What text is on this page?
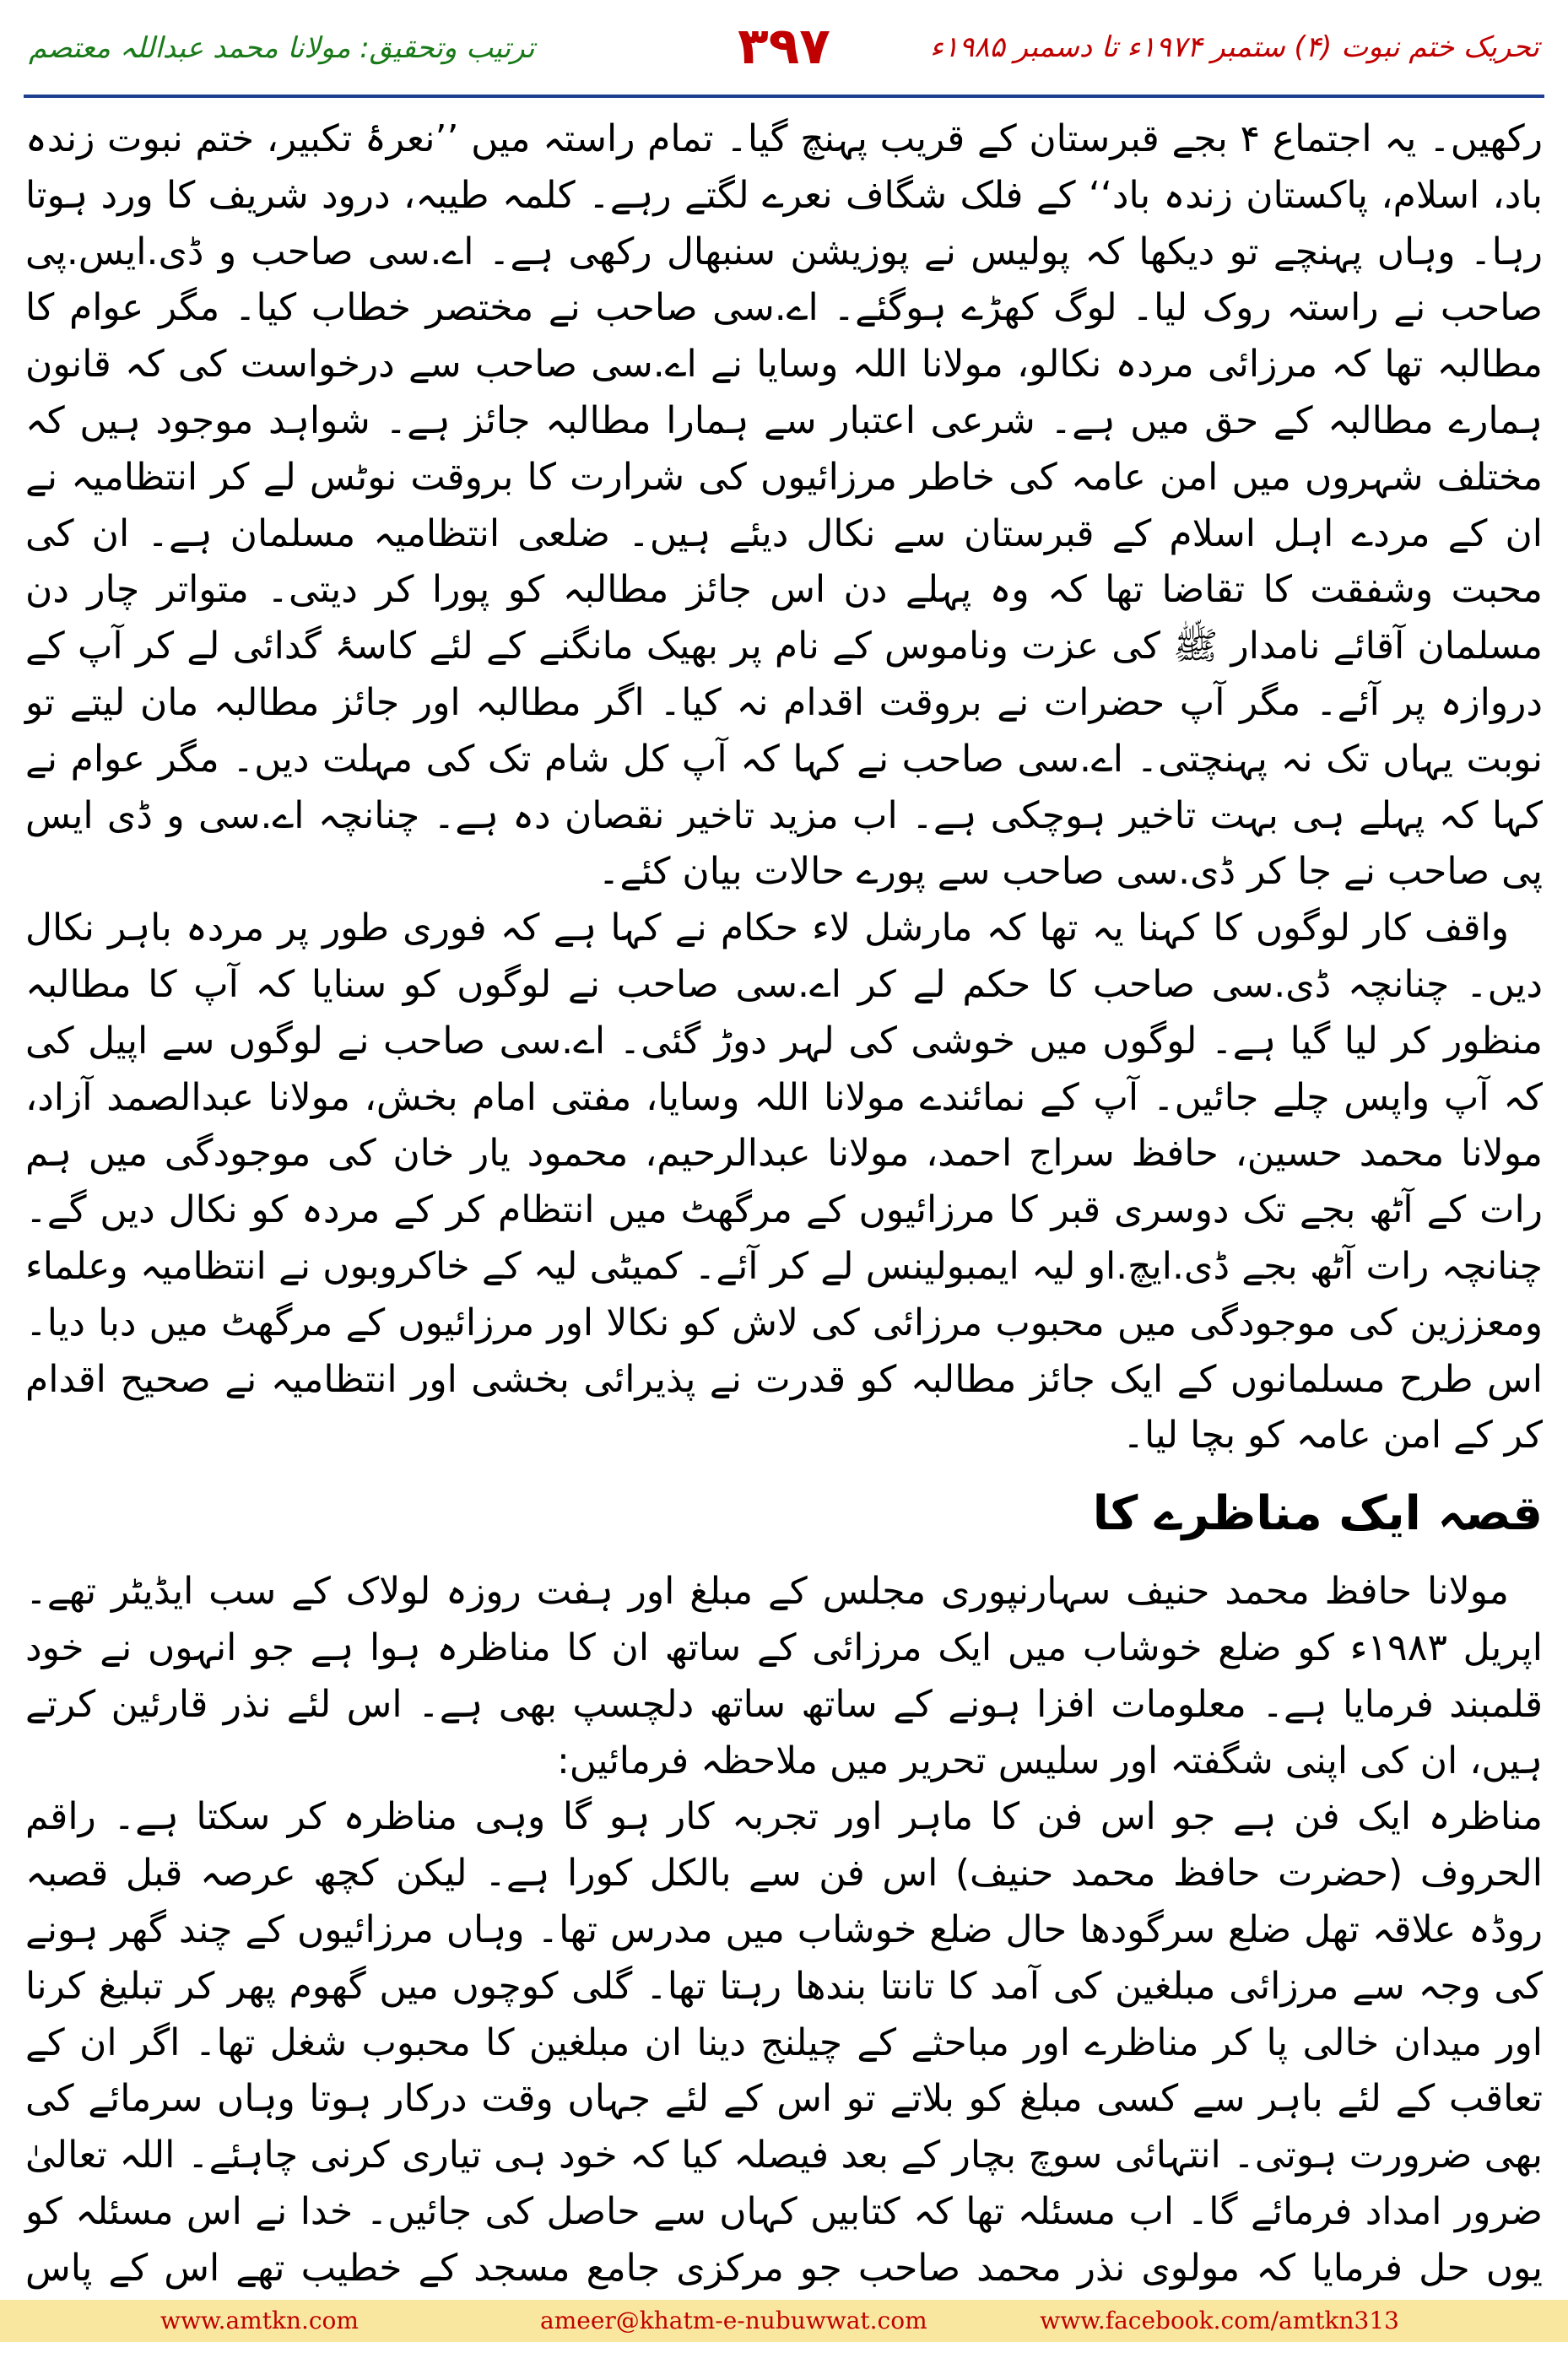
تحریک ختم نبوت (۴) ستمبر ۱۹۷۴ء تا دسمبر ۱۹۸۵ء
۳۹۷
ترتیب وتحقیق: مولانا محمد عبداللہ معتصم

رکھیں۔ یہ اجتماع ۴ بجے قبرستان کے قریب پہنچ گیا۔ تمام راستہ میں ’’نعرۂ تکبیر، ختم نبوت زندہ باد، اسلام، پاکستان زندہ باد‘‘ کے فلک شگاف نعرے لگتے رہے۔ کلمہ طیبہ، درود شریف کا ورد ہوتا رہا۔ وہاں پہنچے تو دیکھا کہ پولیس نے پوزیشن سنبھال رکھی ہے۔ اے.سی صاحب و ڈی.ایس.پی صاحب نے راستہ روک لیا۔ لوگ کھڑے ہوگئے۔ اے.سی صاحب نے مختصر خطاب کیا۔ مگر عوام کا مطالبہ تھا کہ مرزائی مردہ نکالو، مولانا اللہ وسایا نے اے.سی صاحب سے درخواست کی کہ قانون ہمارے مطالبہ کے حق میں ہے۔ شرعی اعتبار سے ہمارا مطالبہ جائز ہے۔ شواہد موجود ہیں کہ مختلف شہروں میں امن عامہ کی خاطر مرزائیوں کی شرارت کا بروقت نوٹس لے کر انتظامیہ نے ان کے مردے اہل اسلام کے قبرستان سے نکال دیئے ہیں۔ ضلعی انتظامیہ مسلمان ہے۔ ان کی محبت وشفقت کا تقاضا تھا کہ وہ پہلے دن اس جائز مطالبہ کو پورا کر دیتی۔ متواتر چار دن مسلمان آقائے نامدار ﷺ کی عزت وناموس کے نام پر بھیک مانگنے کے لئے کاسۂ گدائی لے کر آپ کے دروازہ پر آئے۔ مگر آپ حضرات نے بروقت اقدام نہ کیا۔ اگر مطالبہ اور جائز مطالبہ مان لیتے تو نوبت یہاں تک نہ پہنچتی۔ اے.سی صاحب نے کہا کہ آپ کل شام تک کی مہلت دیں۔ مگر عوام نے کہا کہ پہلے ہی بہت تاخیر ہوچکی ہے۔ اب مزید تاخیر نقصان دہ ہے۔ چنانچہ اے.سی و ڈی ایس پی صاحب نے جا کر ڈی.سی صاحب سے پورے حالات بیان کئے۔

واقف کار لوگوں کا کہنا یہ تھا کہ مارشل لاء حکام نے کہا ہے کہ فوری طور پر مردہ باہر نکال دیں۔ چنانچہ ڈی.سی صاحب کا حکم لے کر اے.سی صاحب نے لوگوں کو سنایا کہ آپ کا مطالبہ منظور کر لیا گیا ہے۔ لوگوں میں خوشی کی لہر دوڑ گئی۔ اے.سی صاحب نے لوگوں سے اپیل کی کہ آپ واپس چلے جائیں۔ آپ کے نمائندے مولانا اللہ وسایا، مفتی امام بخش، مولانا عبدالصمد آزاد، مولانا محمد حسین، حافظ سراج احمد، مولانا عبدالرحیم، محمود یار خان کی موجودگی میں ہم رات کے آٹھ بجے تک دوسری قبر کا مرزائیوں کے مرگھٹ میں انتظام کر کے مردہ کو نکال دیں گے۔ چنانچہ رات آٹھ بجے ڈی.ایچ.او لیہ ایمبولینس لے کر آئے۔ کمیٹی لیہ کے خاکروبوں نے انتظامیہ وعلماء ومعززین کی موجودگی میں محبوب مرزائی کی لاش کو نکالا اور مرزائیوں کے مرگھٹ میں دبا دیا۔ اس طرح مسلمانوں کے ایک جائز مطالبہ کو قدرت نے پذیرائی بخشی اور انتظامیہ نے صحیح اقدام کر کے امن عامہ کو بچا لیا۔

قصہ ایک مناظرے کا

مولانا حافظ محمد حنیف سہارنپوری مجلس کے مبلغ اور ہفت روزہ لولاک کے سب ایڈیٹر تھے۔ اپریل ۱۹۸۳ء کو ضلع خوشاب میں ایک مرزائی کے ساتھ ان کا مناظرہ ہوا ہے جو انہوں نے خود قلمبند فرمایا ہے۔ معلومات افزا ہونے کے ساتھ ساتھ دلچسپ بھی ہے۔ اس لئے نذر قارئین کرتے ہیں، ان کی اپنی شگفتہ اور سلیس تحریر میں ملاحظہ فرمائیں:

مناظرہ ایک فن ہے جو اس فن کا ماہر اور تجربہ کار ہو گا وہی مناظرہ کر سکتا ہے۔ راقم الحروف (حضرت حافظ محمد حنیف) اس فن سے بالکل کورا ہے۔ لیکن کچھ عرصہ قبل قصبہ روڈہ علاقہ تھل ضلع سرگودھا حال ضلع خوشاب میں مدرس تھا۔ وہاں مرزائیوں کے چند گھر ہونے کی وجہ سے مرزائی مبلغین کی آمد کا تانتا بندھا رہتا تھا۔ گلی کوچوں میں گھوم پھر کر تبلیغ کرنا اور میدان خالی پا کر مناظرے اور مباحثے کے چیلنج دینا ان مبلغین کا محبوب شغل تھا۔ اگر ان کے تعاقب کے لئے باہر سے کسی مبلغ کو بلاتے تو اس کے لئے جہاں وقت درکار ہوتا وہاں سرمائے کی بھی ضرورت ہوتی۔ انتہائی سوچ بچار کے بعد فیصلہ کیا کہ خود ہی تیاری کرنی چاہئے۔ اللہ تعالیٰ ضرور امداد فرمائے گا۔ اب مسئلہ تھا کہ کتابیں کہاں سے حاصل کی جائیں۔ خدا نے اس مسئلہ کو یوں حل فرمایا کہ مولوی نذر محمد صاحب جو مرکزی جامع مسجد کے خطیب تھے اس کے پاس

www.amtkn.com	ameer@khatm-e-nubuwwat.com	www.facebook.com/amtkn313
